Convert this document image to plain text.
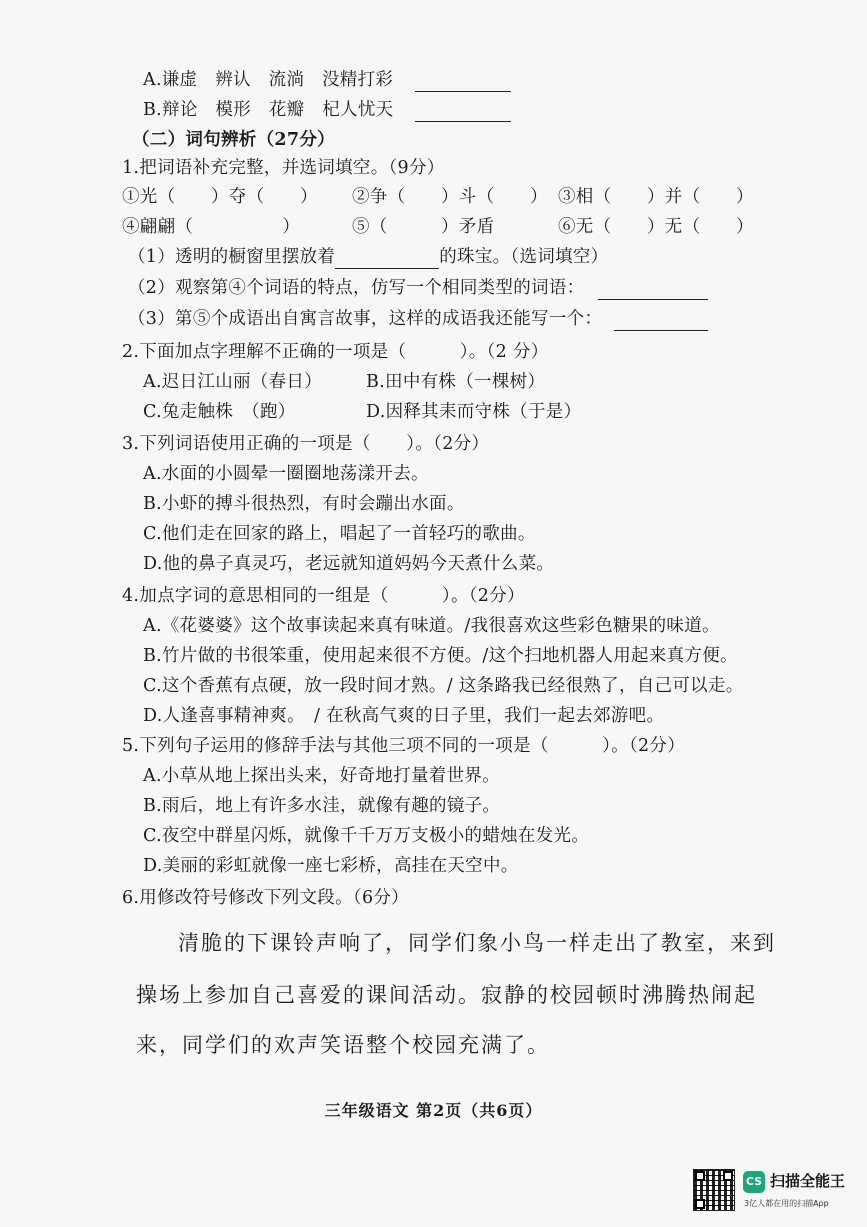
A.谦虚　辨认　流淌　没精打彩
B.辩论　模形　花瓣　杞人忧天
（二）词句辨析（27分）
1.把词语补充完整，并选词填空。（9分）
①光（　　）夺（　　） ②争（　　）斗（　　） ③相（　　）并（　　）
④翩翩（　　　　　）	⑤（　　　）矛盾	⑥无（　　）无（　　）
（1）透明的橱窗里摆放着	的珠宝。（选词填空）
（2）观察第④个词语的特点，仿写一个相同类型的词语：
（3）第⑤个成语出自寓言故事，这样的成语我还能写一个：
2.下面加点字理解不正确的一项是（　　　）。（2 分）
A.迟日江山丽（春日）	B.田中有株（一棵树）
C.兔走触株　（跑）	D.因释其耒而守株（于是）
3.下列词语使用正确的一项是（　　）。（2分）
A.水面的小圆晕一圈圈地荡漾开去。
B.小虾的搏斗很热烈，有时会蹦出水面。
C.他们走在回家的路上，唱起了一首轻巧的歌曲。
D.他的鼻子真灵巧，老远就知道妈妈今天煮什么菜。
4.加点字词的意思相同的一组是（　　　）。（2分）
A.《花婆婆》这个故事读起来真有味道。/我很喜欢这些彩色糖果的味道。
B.竹片做的书很笨重，使用起来很不方便。/这个扫地机器人用起来真方便。
C.这个香蕉有点硬，放一段时间才熟。/ 这条路我已经很熟了，自己可以走。
D.人逢喜事精神爽。　/ 在秋高气爽的日子里，我们一起去郊游吧。
5.下列句子运用的修辞手法与其他三项不同的一项是（　　　）。（2分）
A.小草从地上探出头来，好奇地打量着世界。
B.雨后，地上有许多水洼，就像有趣的镜子。
C.夜空中群星闪烁，就像千千万万支极小的蜡烛在发光。
D.美丽的彩虹就像一座七彩桥，高挂在天空中。
6.用修改符号修改下列文段。（6分）
清脆的下课铃声响了，同学们象小鸟一样走出了教室，来到
操场上参加自己喜爱的课间活动。寂静的校园顿时沸腾热闹起
来，同学们的欢声笑语整个校园充满了。
三年级语文 第2页（共6页）
CS 扫描全能王
3亿人都在用的扫描App
